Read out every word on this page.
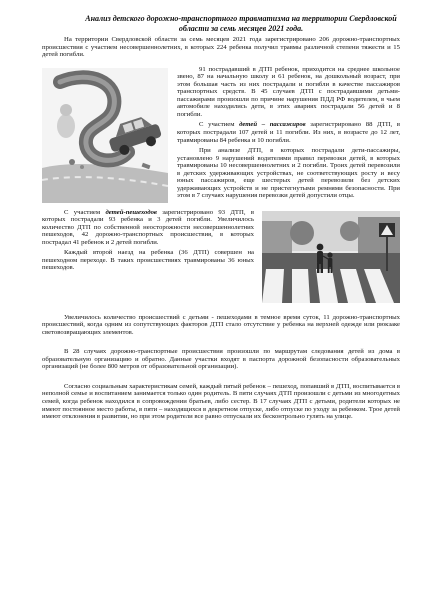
Анализ детского дорожно-транспортного травматизма на территории Свердловской области за семь месяцев 2021 года.

На территории Свердловской области за семь месяцев 2021 года зарегистрировано 206 дорожно-транспортных происшествия с участием несовершеннолетних, в которых 224 ребенка получил травмы различной степени тяжести и 15 детей погибли.

91 пострадавший в ДТП ребенок, приходится на среднее школьное звено, 87 на начальную школу и 61 ребенок, на дошкольный возраст, при этом большая часть из них пострадали и погибли в качестве пассажиров транспортных средств. В 45 случаев ДТП с пострадавшими детьми-пассажирами произошли по причине нарушения ПДД РФ водителем, в чьем автомобиле находились дети, в этих авариях пострадали 56 детей и 8 погибли.

С участием детей – пассажиров зарегистрировано 88 ДТП, в которых пострадали 107 детей и 11 погибли. Из них, в возрасте до 12 лет, травмированы 84 ребенка и 10 погибли.

При анализе ДТП, в которых пострадали дети-пассажиры, установлено 9 нарушений водителями правил перевозки детей, в которых травмированы 10 несовершеннолетних и 2 погибли. Троих детей перевозили в детских удерживающих устройствах, не соответствующих росту и весу юных пассажиров, еще шестерых детей перевозили без детских удерживающих устройств и не пристегнутыми ремнями безопасности. При этом в 7 случаях нарушения перевозки детей допустили отцы.

С участием детей-пешеходов зарегистрировано 93 ДТП, в которых пострадали 93 ребенка и 3 детей погибли. Увеличилось количество ДТП по собственной неосторожности несовершеннолетних пешеходов, 42 дорожно-транспортных происшествия, в которых пострадал 41 ребенок и 2 детей погибли.

Каждый второй наезд на ребенка (36 ДТП) совершен на пешеходном переходе. В таких происшествиях травмированы 36 юных пешеходов.

Увеличилось количество происшествий с детьми - пешеходами в темное время суток, 11 дорожно-транспортных происшествий, когда одним из сопутствующих факторов ДТП стало отсутствие у ребенка на верхней одежде или рюкзаке световозвращающих элементов.

В 28 случаях дорожно-транспортные происшествия произошли по маршрутам следования детей из дома в образовательную организацию и обратно. Данные участки входят в паспорта дорожной безопасности образовательных организаций (не более 800 метров от образовательной организации).

Согласно социальным характеристикам семей, каждый пятый ребенок – пешеход, попавший в ДТП, воспитывается в неполной семье и воспитанием занимается только один родитель. В пяти случаях ДТП произошли с детьми из многодетных семей, когда ребенок находился в сопровождении братьев, либо сестер. В 17 случаях ДТП с детьми, родители которых не имеют постоянное место работы, в пяти – находящихся в декретном отпуске, либо отпуске по уходу за ребенком. Трое детей имеют отклонения в развитии, но при этом родители все равно отпускали их бесконтрольно гулять на улице.
